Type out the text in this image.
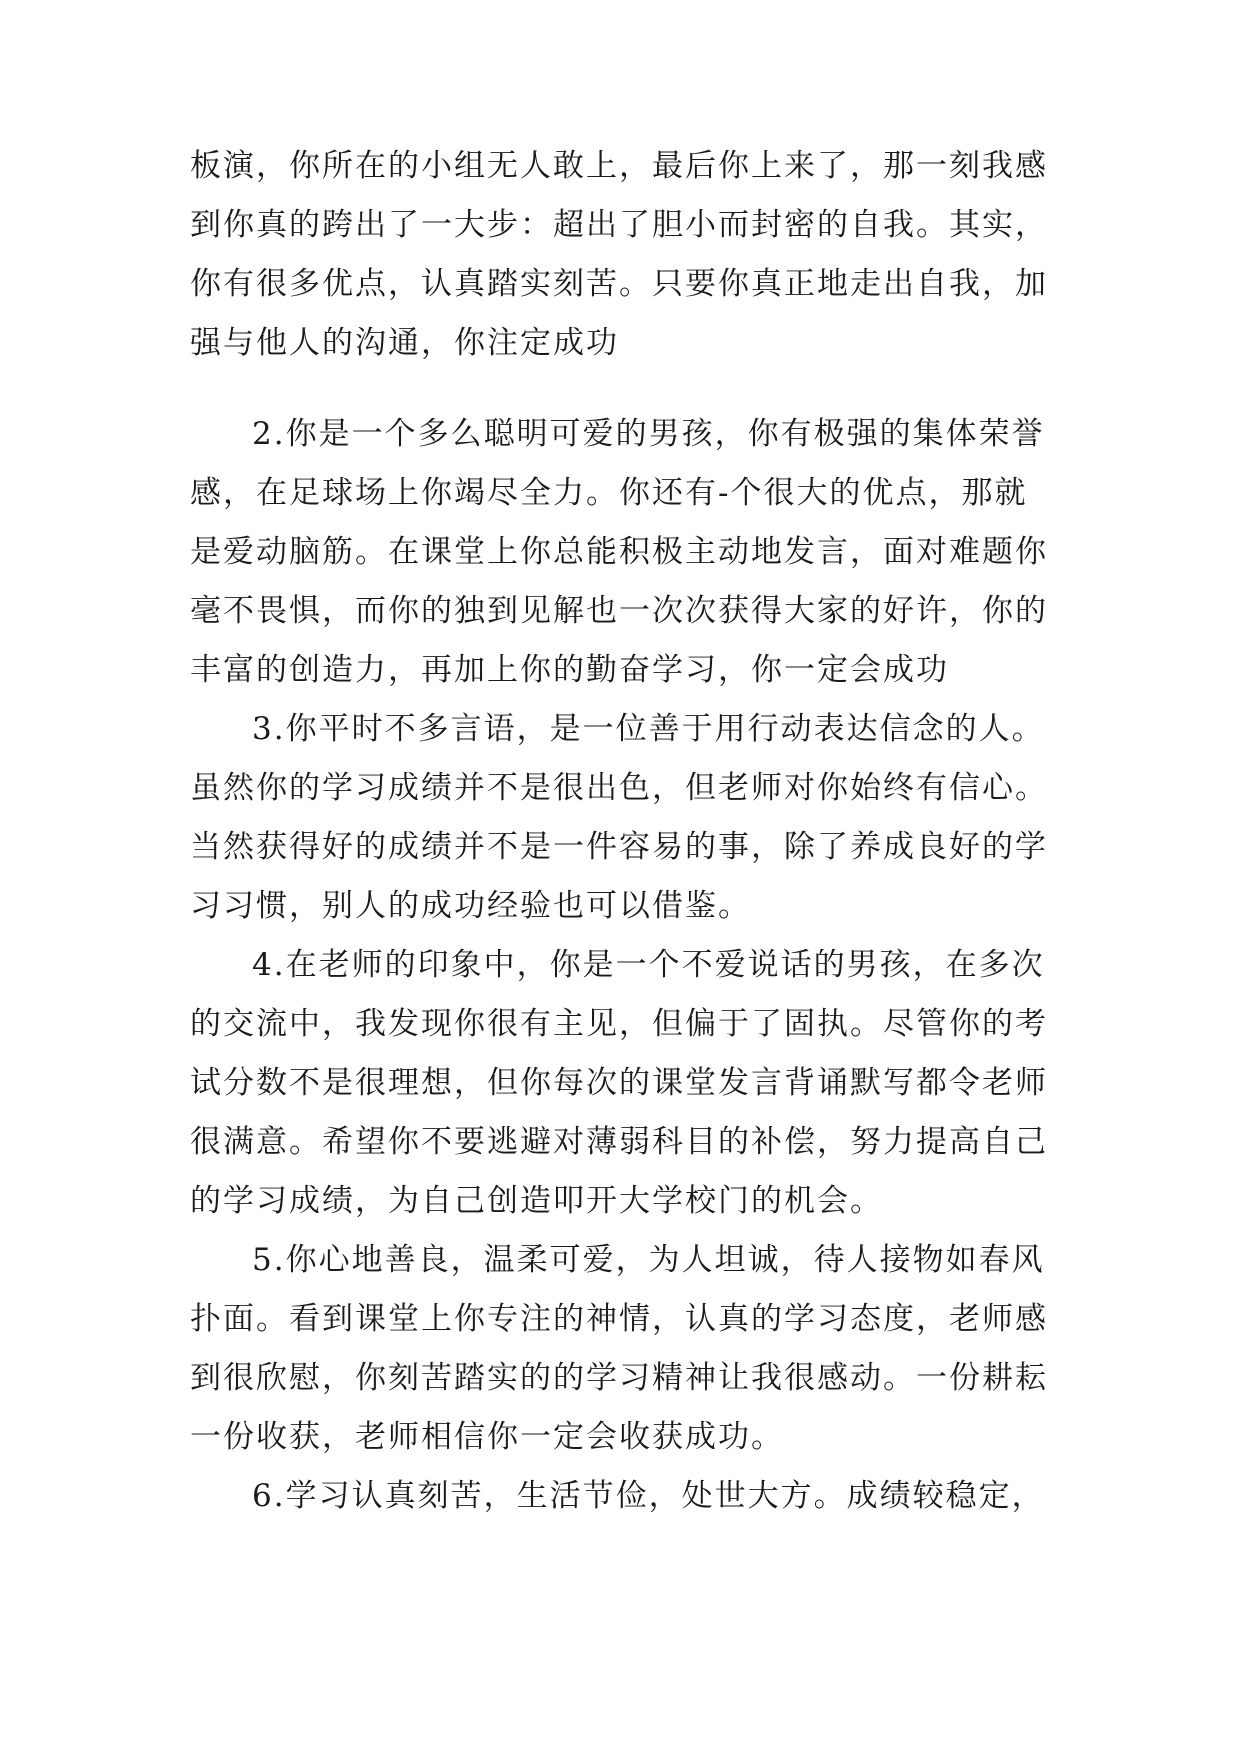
板演，你所在的小组无人敢上，最后你上来了，那一刻我感
到你真的跨出了一大步：超出了胆小而封密的自我。其实，
你有很多优点，认真踏实刻苦。只要你真正地走出自我，加
强与他人的沟通，你注定成功
2.你是一个多么聪明可爱的男孩，你有极强的集体荣誉
感，在足球场上你竭尽全力。你还有-个很大的优点，那就
是爱动脑筋。在课堂上你总能积极主动地发言，面对难题你
毫不畏惧，而你的独到见解也一次次获得大家的好许，你的
丰富的创造力，再加上你的勤奋学习，你一定会成功
3.你平时不多言语，是一位善于用行动表达信念的人。
虽然你的学习成绩并不是很出色，但老师对你始终有信心。
当然获得好的成绩并不是一件容易的事，除了养成良好的学
习习惯，别人的成功经验也可以借鉴。
4.在老师的印象中，你是一个不爱说话的男孩，在多次
的交流中，我发现你很有主见，但偏于了固执。尽管你的考
试分数不是很理想，但你每次的课堂发言背诵默写都令老师
很满意。希望你不要逃避对薄弱科目的补偿，努力提高自己
的学习成绩，为自己创造叩开大学校门的机会。
5.你心地善良，温柔可爱，为人坦诚，待人接物如春风
扑面。看到课堂上你专注的神情，认真的学习态度，老师感
到很欣慰，你刻苦踏实的的学习精神让我很感动。一份耕耘
一份收获，老师相信你一定会收获成功。
6.学习认真刻苦，生活节俭，处世大方。成绩较稳定，
